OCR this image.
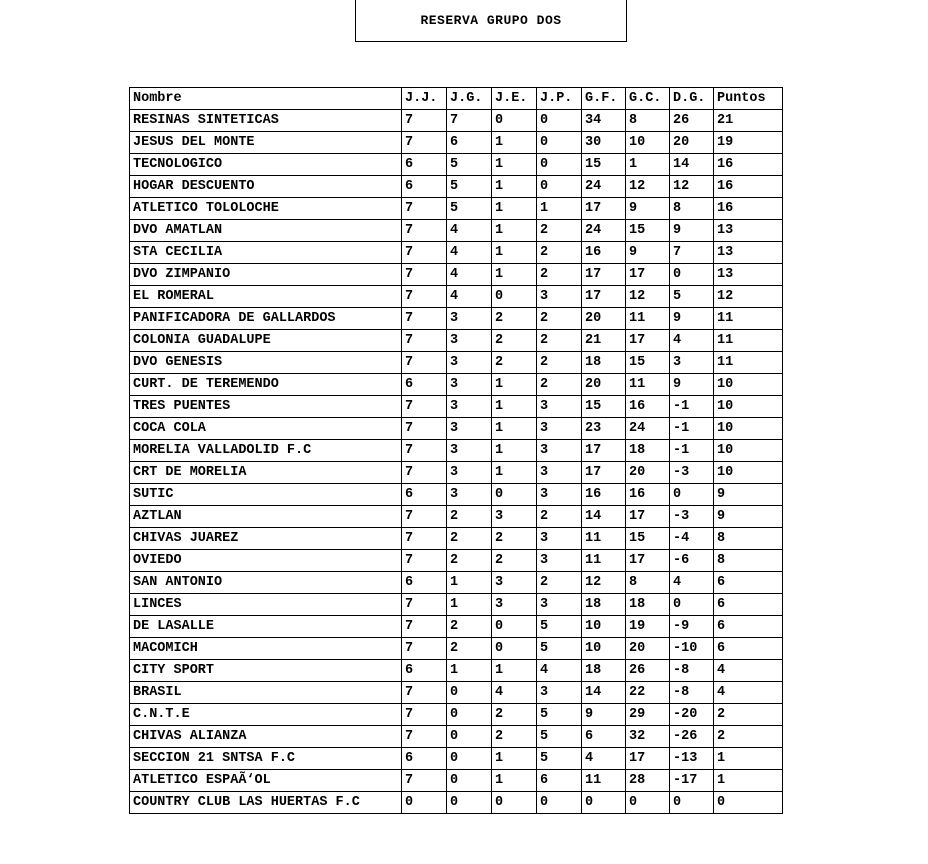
RESERVA GRUPO DOS
Nombre	J.J.	J.G.	J.E.	J.P.	G.F.	G.C.	D.G.	Puntos
RESINAS SINTETICAS	7	7	0	0	34	8	26	21
JESUS DEL MONTE	7	6	1	0	30	10	20	19
TECNOLOGICO	6	5	1	0	15	1	14	16
HOGAR DESCUENTO	6	5	1	0	24	12	12	16
ATLETICO TOLOLOCHE	7	5	1	1	17	9	8	16
DVO AMATLAN	7	4	1	2	24	15	9	13
STA CECILIA	7	4	1	2	16	9	7	13
DVO ZIMPANIO	7	4	1	2	17	17	0	13
EL ROMERAL	7	4	0	3	17	12	5	12
PANIFICADORA DE GALLARDOS	7	3	2	2	20	11	9	11
COLONIA GUADALUPE	7	3	2	2	21	17	4	11
DVO GENESIS	7	3	2	2	18	15	3	11
CURT. DE TEREMENDO	6	3	1	2	20	11	9	10
TRES PUENTES	7	3	1	3	15	16	-1	10
COCA COLA	7	3	1	3	23	24	-1	10
MORELIA VALLADOLID F.C	7	3	1	3	17	18	-1	10
CRT DE MORELIA	7	3	1	3	17	20	-3	10
SUTIC	6	3	0	3	16	16	0	9
AZTLAN	7	2	3	2	14	17	-3	9
CHIVAS JUAREZ	7	2	2	3	11	15	-4	8
OVIEDO	7	2	2	3	11	17	-6	8
SAN ANTONIO	6	1	3	2	12	8	4	6
LINCES	7	1	3	3	18	18	0	6
DE LASALLE	7	2	0	5	10	19	-9	6
MACOMICH	7	2	0	5	10	20	-10	6
CITY SPORT	6	1	1	4	18	26	-8	4
BRASIL	7	0	4	3	14	22	-8	4
C.N.T.E	7	0	2	5	9	29	-20	2
CHIVAS ALIANZA	7	0	2	5	6	32	-26	2
SECCION 21 SNTSA F.C	6	0	1	5	4	17	-13	1
ATLETICO ESPAÃ‘OL	7	0	1	6	11	28	-17	1
COUNTRY CLUB LAS HUERTAS F.C	0	0	0	0	0	0	0	0
